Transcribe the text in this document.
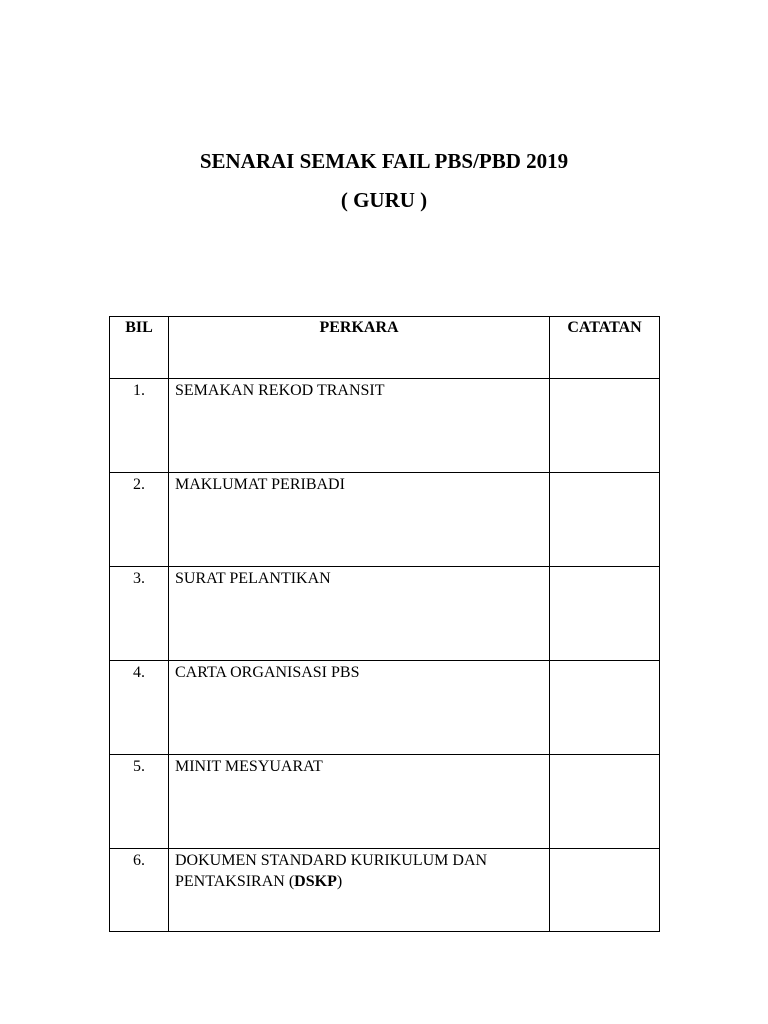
SENARAI SEMAK FAIL PBS/PBD 2019
( GURU )
BIL	PERKARA	CATATAN
1.	SEMAKAN REKOD TRANSIT	
2.	MAKLUMAT PERIBADI	
3.	SURAT PELANTIKAN	
4.	CARTA ORGANISASI PBS	
5.	MINIT MESYUARAT	
6.	DOKUMEN STANDARD KURIKULUM DAN
PENTAKSIRAN (DSKP)	
